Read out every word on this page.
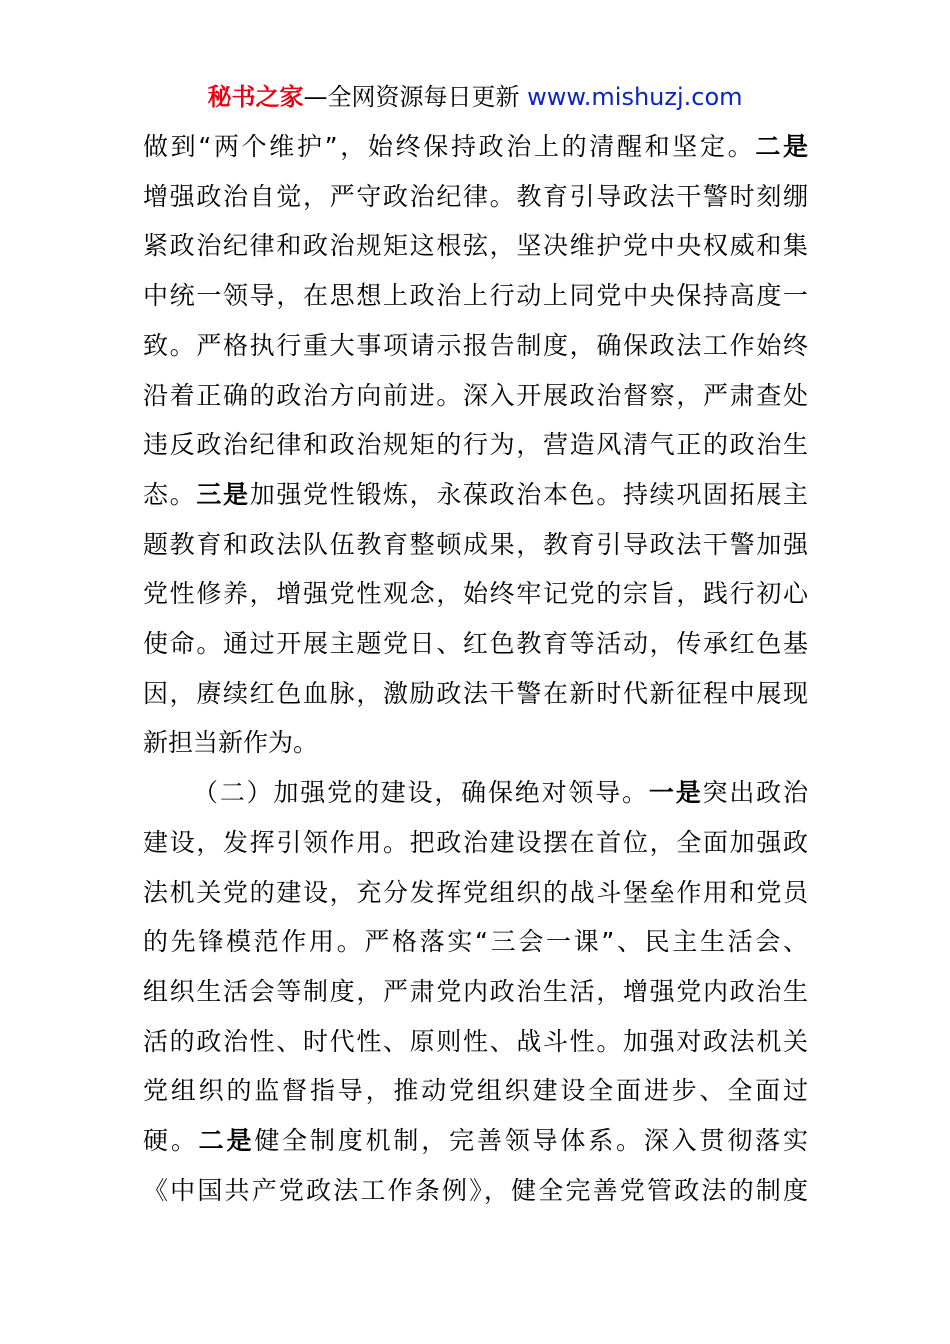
秘书之家—全网资源每日更新 www.mishuzj.com
做到“两个维护”，始终保持政治上的清醒和坚定。二是
增强政治自觉，严守政治纪律。教育引导政法干警时刻绷
紧政治纪律和政治规矩这根弦，坚决维护党中央权威和集
中统一领导，在思想上政治上行动上同党中央保持高度一
致。严格执行重大事项请示报告制度，确保政法工作始终
沿着正确的政治方向前进。深入开展政治督察，严肃查处
违反政治纪律和政治规矩的行为，营造风清气正的政治生
态。三是加强党性锻炼，永葆政治本色。持续巩固拓展主
题教育和政法队伍教育整顿成果，教育引导政法干警加强
党性修养，增强党性观念，始终牢记党的宗旨，践行初心
使命。通过开展主题党日、红色教育等活动，传承红色基
因，赓续红色血脉，激励政法干警在新时代新征程中展现
新担当新作为。
（二）加强党的建设，确保绝对领导。一是突出政治
建设，发挥引领作用。把政治建设摆在首位，全面加强政
法机关党的建设，充分发挥党组织的战斗堡垒作用和党员
的先锋模范作用。严格落实“三会一课”、民主生活会、
组织生活会等制度，严肃党内政治生活，增强党内政治生
活的政治性、时代性、原则性、战斗性。加强对政法机关
党组织的监督指导，推动党组织建设全面进步、全面过
硬。二是健全制度机制，完善领导体系。深入贯彻落实
《中国共产党政法工作条例》，健全完善党管政法的制度
